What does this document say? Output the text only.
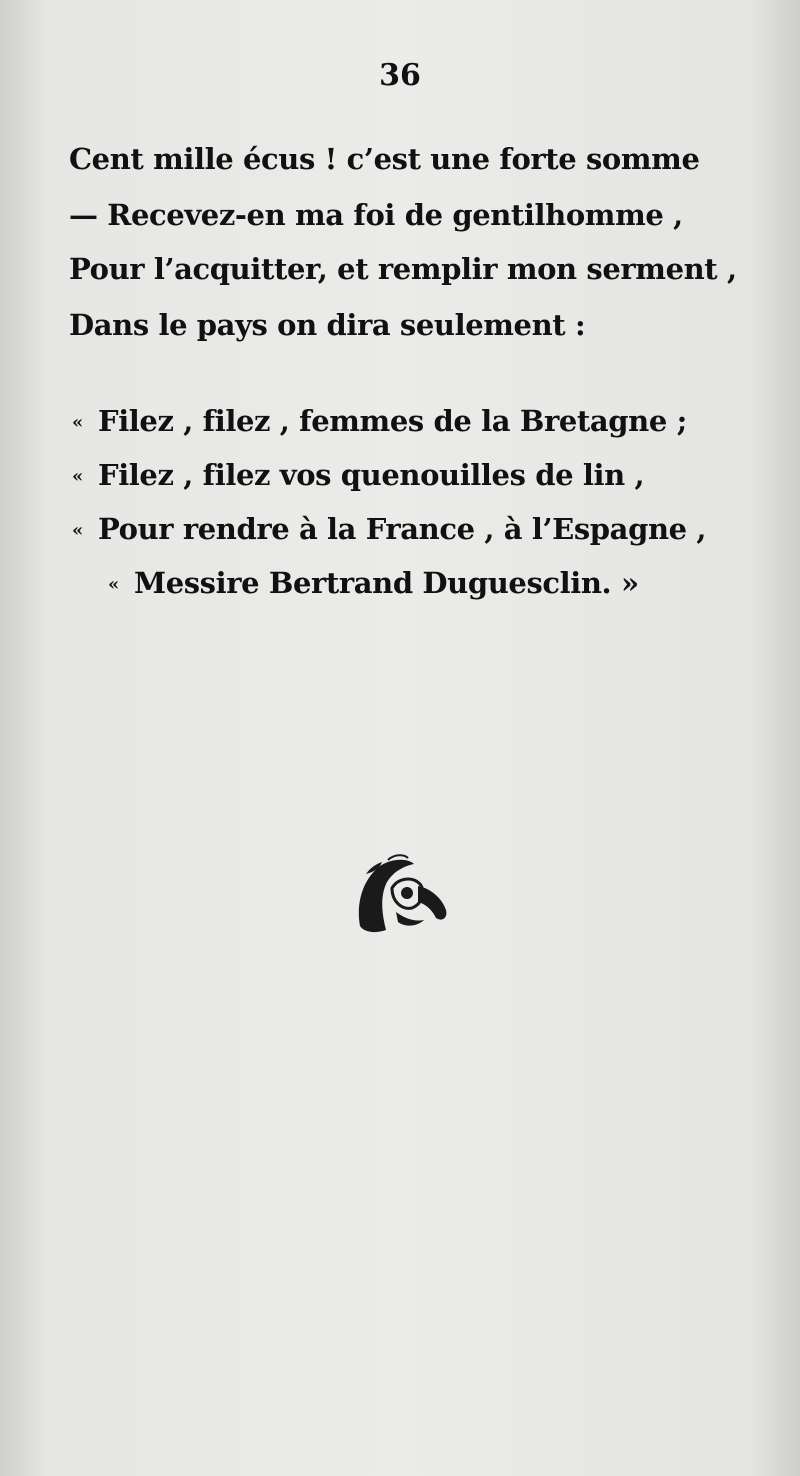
36
Cent mille écus ! c’est une forte somme
— Recevez-en ma foi de gentilhomme ,
Pour l’acquitter, et remplir mon serment ,
Dans le pays on dira seulement :
« Filez , filez , femmes de la Bretagne ;
« Filez , filez vos quenouilles de lin ,
« Pour rendre à la France , à l’Espagne ,
« Messire Bertrand Duguesclin. »
